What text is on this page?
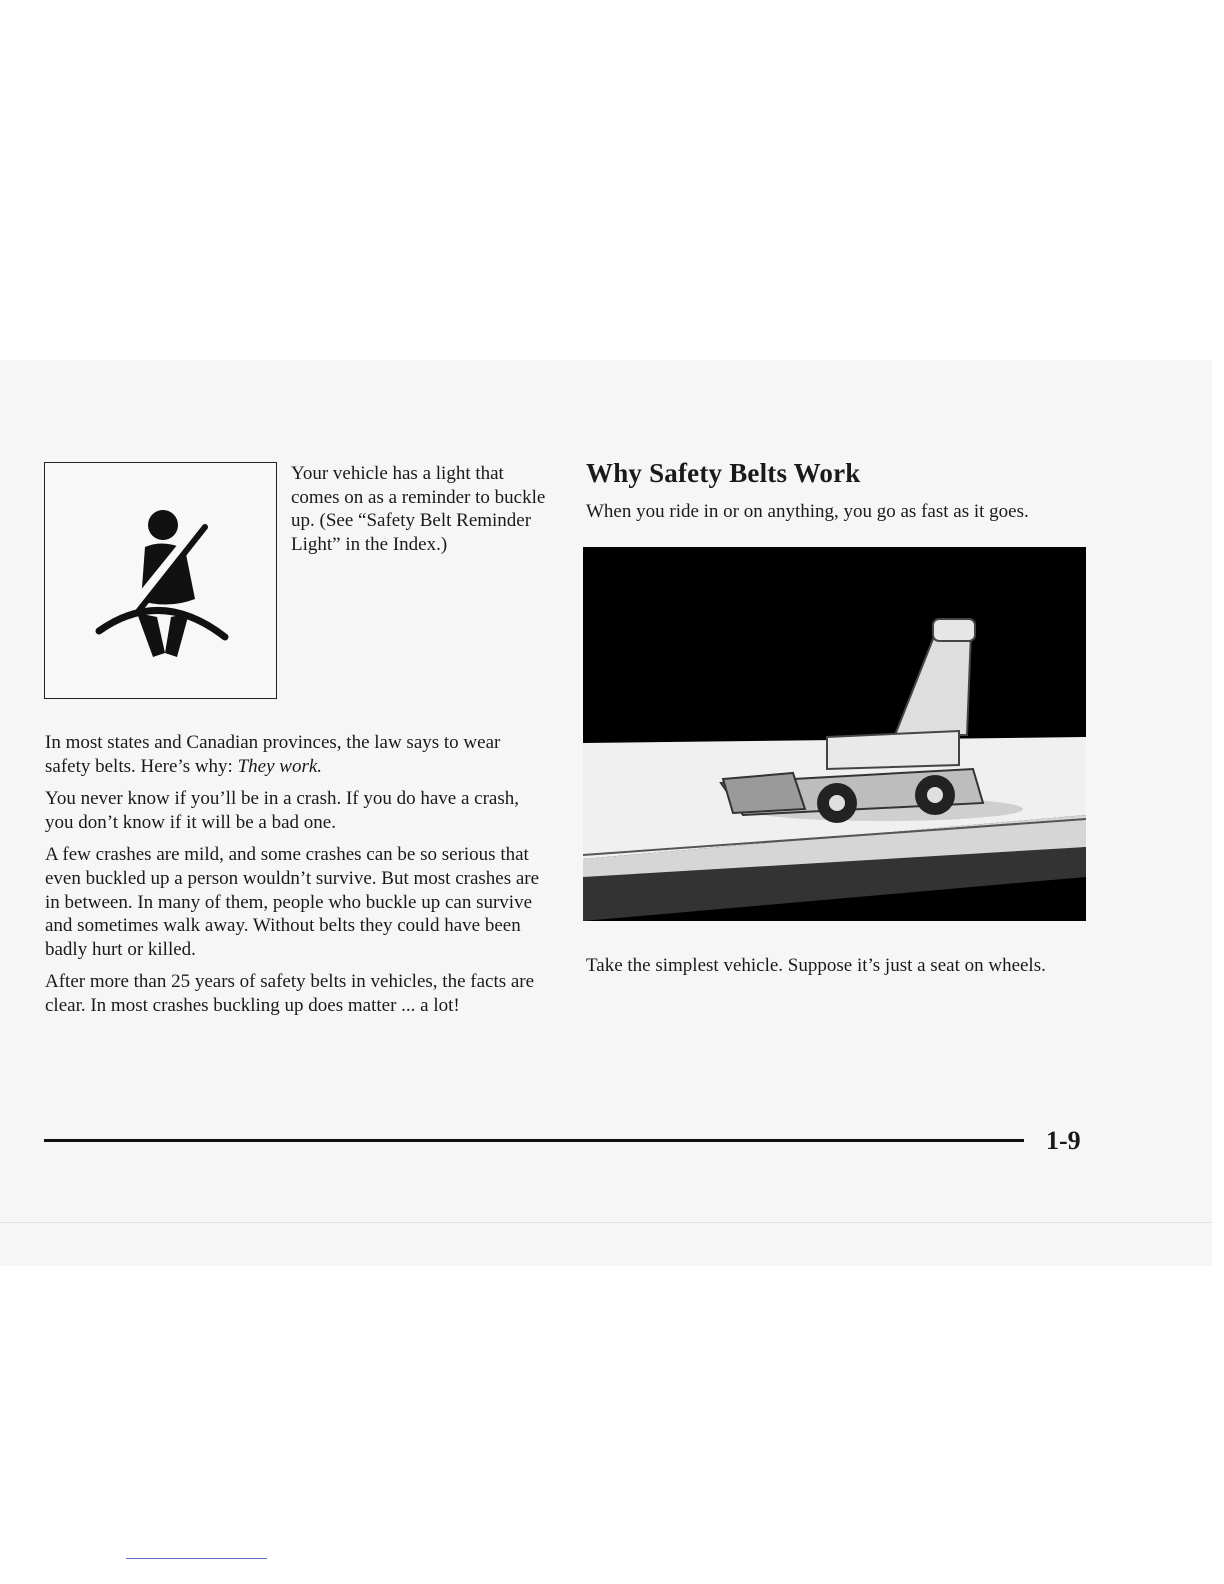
Your vehicle has a light that comes on as a reminder to buckle up. (See “Safety Belt Reminder Light” in the Index.)

In most states and Canadian provinces, the law says to wear safety belts. Here’s why: They work.

You never know if you’ll be in a crash. If you do have a crash, you don’t know if it will be a bad one.

A few crashes are mild, and some crashes can be so serious that even buckled up a person wouldn’t survive. But most crashes are in between. In many of them, people who buckle up can survive and sometimes walk away. Without belts they could have been badly hurt or killed.

After more than 25 years of safety belts in vehicles, the facts are clear. In most crashes buckling up does matter ... a lot!

Why Safety Belts Work

When you ride in or on anything, you go as fast as it goes.

Take the simplest vehicle. Suppose it’s just a seat on wheels.

1-9
